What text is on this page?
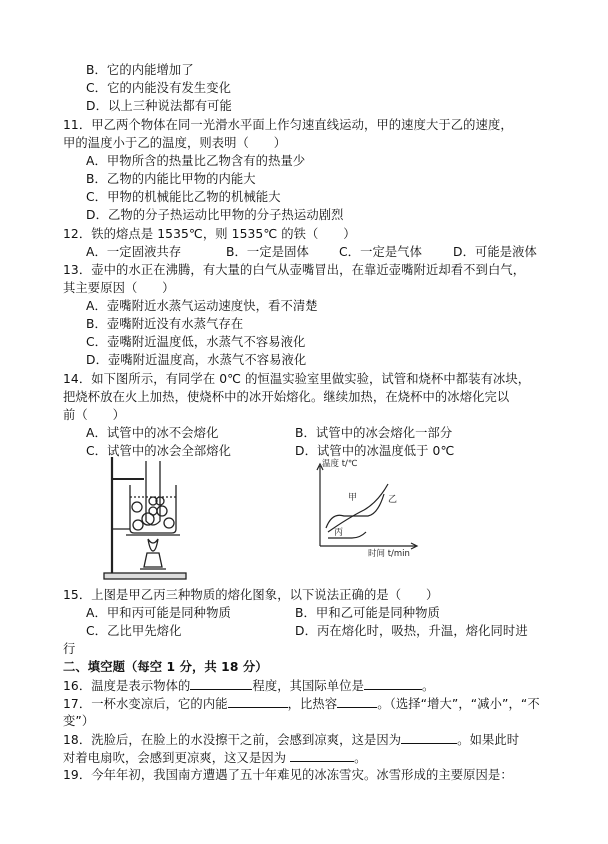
B．它的内能增加了
C．它的内能没有发生变化
D．以上三种说法都有可能
11．甲乙两个物体在同一光滑水平面上作匀速直线运动，甲的速度大于乙的速度，
甲的温度小于乙的温度，则表明（　　）
A．甲物所含的热量比乙物含有的热量少
B．乙物的内能比甲物的内能大
C．甲物的机械能比乙物的机械能大
D．乙物的分子热运动比甲物的分子热运动剧烈
12．铁的熔点是 1535℃，则 1535℃ 的铁（　　）
A．一定固液共存	B．一定是固体 C．一定是气体	D．可能是液体
13．壶中的水正在沸腾，有大量的白气从壶嘴冒出，在靠近壶嘴附近却看不到白气，
其主要原因（　　）
A．壶嘴附近水蒸气运动速度快，看不清楚
B．壶嘴附近没有水蒸气存在
C．壶嘴附近温度低，水蒸气不容易液化
D．壶嘴附近温度高，水蒸气不容易液化
14．如下图所示，有同学在 0℃ 的恒温实验室里做实验，试管和烧杯中都装有冰块，
把烧杯放在火上加热，使烧杯中的冰开始熔化。继续加热，在烧杯中的冰熔化完以
前（　　）
A．试管中的冰不会熔化	B．试管中的冰会熔化一部分
C．试管中的冰会全部熔化	D．试管中的冰温度低于 0℃
温度 t/℃
时间 t/min
甲	乙
丙
15．上图是甲乙丙三种物质的熔化图象，以下说法正确的是（　　）
A．甲和丙可能是同种物质	B．甲和乙可能是同种物质
C．乙比甲先熔化	D．丙在熔化时，吸热，升温，熔化同时进
行
二、填空题（每空 1 分，共 18 分）
16．温度是表示物体的	程度，其国际单位是	。
17．一杯水变凉后，它的内能	，比热容	。（选择“增大”，“减小”，“不
变”）
18．洗脸后，在脸上的水没擦干之前，会感到凉爽，这是因为	。如果此时
对着电扇吹，会感到更凉爽，这又是因为	。
19．今年年初，我国南方遭遇了五十年难见的冰冻雪灾。冰雪形成的主要原因是：
